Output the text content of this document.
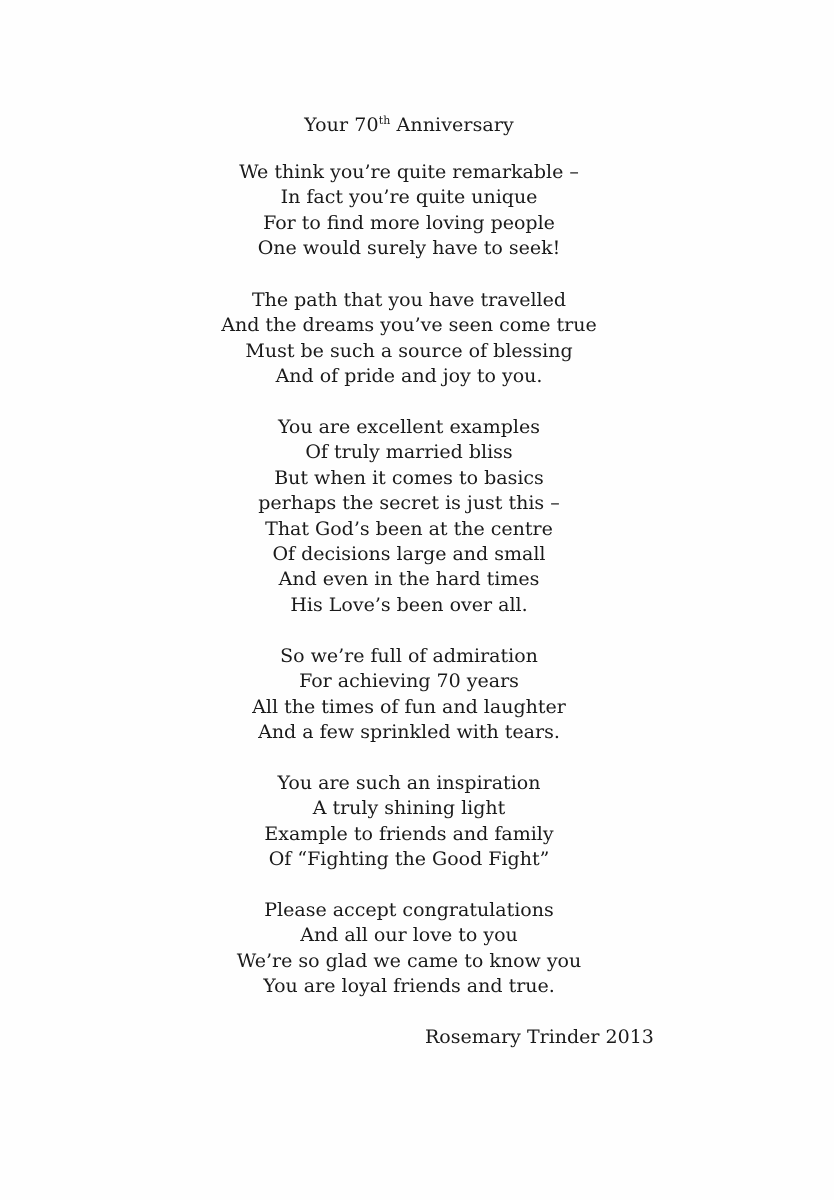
Your 70th Anniversary
We think you’re quite remarkable –
In fact you’re quite unique
For to find more loving people
One would surely have to seek!
The path that you have travelled
And the dreams you’ve seen come true
Must be such a source of blessing
And of pride and joy to you.
You are excellent examples
Of truly married bliss
But when it comes to basics
perhaps the secret is just this –
That God’s been at the centre
Of decisions large and small
And even in the hard times
His Love’s been over all.
So we’re full of admiration
For achieving 70 years
All the times of fun and laughter
And a few sprinkled with tears.
You are such an inspiration
A truly shining light
Example to friends and family
Of “Fighting the Good Fight”
Please accept congratulations
And all our love to you
We’re so glad we came to know you
You are loyal friends and true.
Rosemary Trinder 2013
